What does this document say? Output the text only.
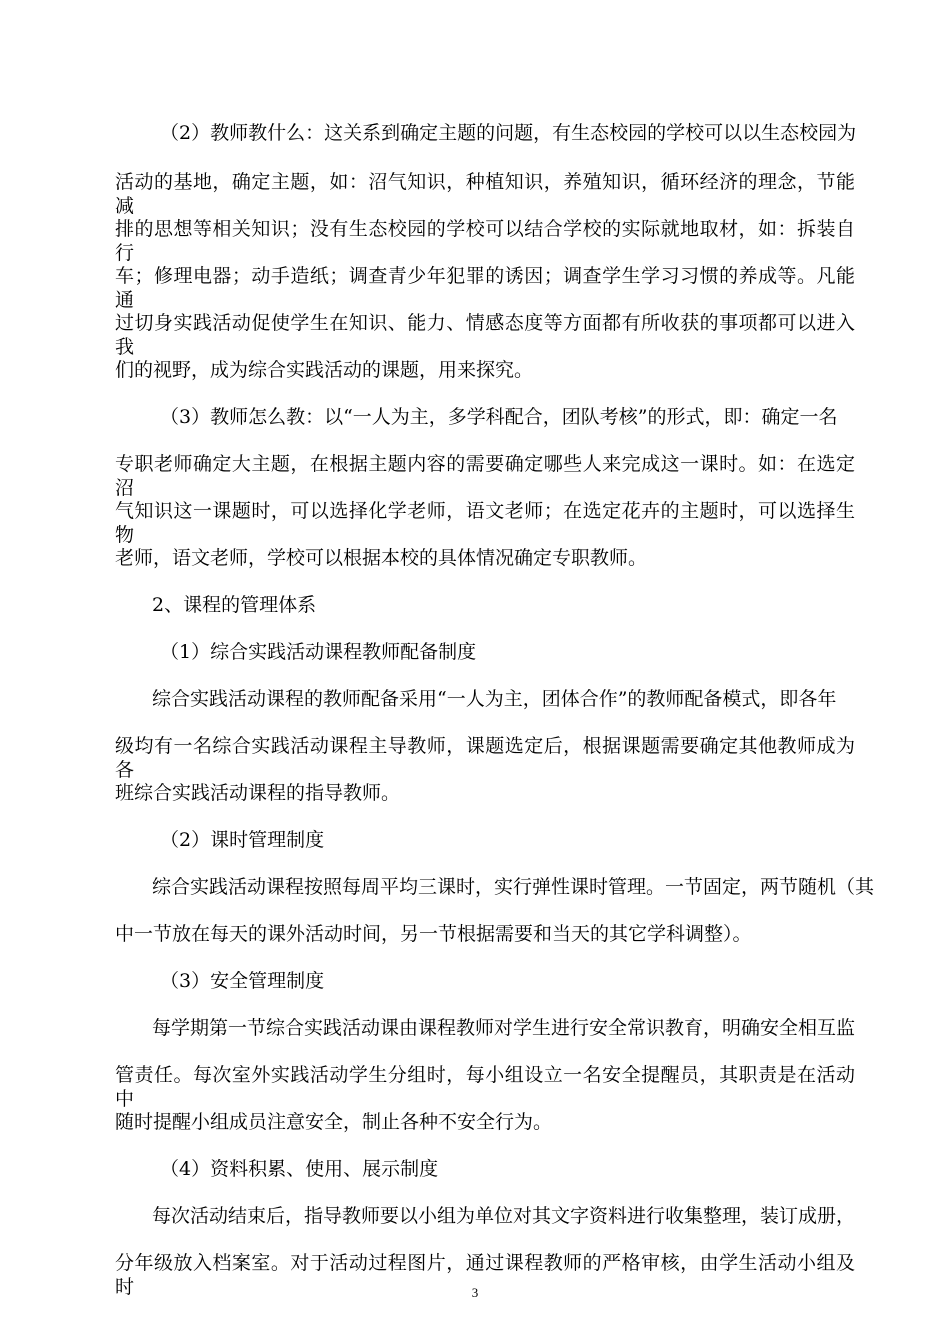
（2）教师教什么：这关系到确定主题的问题，有生态校园的学校可以以生态校园为
活动的基地，确定主题，如：沼气知识，种植知识，养殖知识，循环经济的理念，节能减
排的思想等相关知识；没有生态校园的学校可以结合学校的实际就地取材，如：拆装自行
车；修理电器；动手造纸；调查青少年犯罪的诱因；调查学生学习习惯的养成等。凡能通
过切身实践活动促使学生在知识、能力、情感态度等方面都有所收获的事项都可以进入我
们的视野，成为综合实践活动的课题，用来探究。
（3）教师怎么教：以“一人为主，多学科配合，团队考核”的形式，即：确定一名
专职老师确定大主题，在根据主题内容的需要确定哪些人来完成这一课时。如：在选定沼
气知识这一课题时，可以选择化学老师，语文老师；在选定花卉的主题时，可以选择生物
老师，语文老师，学校可以根据本校的具体情况确定专职教师。
2、课程的管理体系
（1）综合实践活动课程教师配备制度
综合实践活动课程的教师配备采用“一人为主，团体合作”的教师配备模式，即各年
级均有一名综合实践活动课程主导教师，课题选定后，根据课题需要确定其他教师成为各
班综合实践活动课程的指导教师。
（2）课时管理制度
综合实践活动课程按照每周平均三课时，实行弹性课时管理。一节固定，两节随机（其
中一节放在每天的课外活动时间，另一节根据需要和当天的其它学科调整）。
（3）安全管理制度
每学期第一节综合实践活动课由课程教师对学生进行安全常识教育，明确安全相互监
管责任。每次室外实践活动学生分组时，每小组设立一名安全提醒员，其职责是在活动中
随时提醒小组成员注意安全，制止各种不安全行为。
（4）资料积累、使用、展示制度
每次活动结束后，指导教师要以小组为单位对其文字资料进行收集整理，装订成册，
分年级放入档案室。对于活动过程图片，通过课程教师的严格审核，由学生活动小组及时	3
